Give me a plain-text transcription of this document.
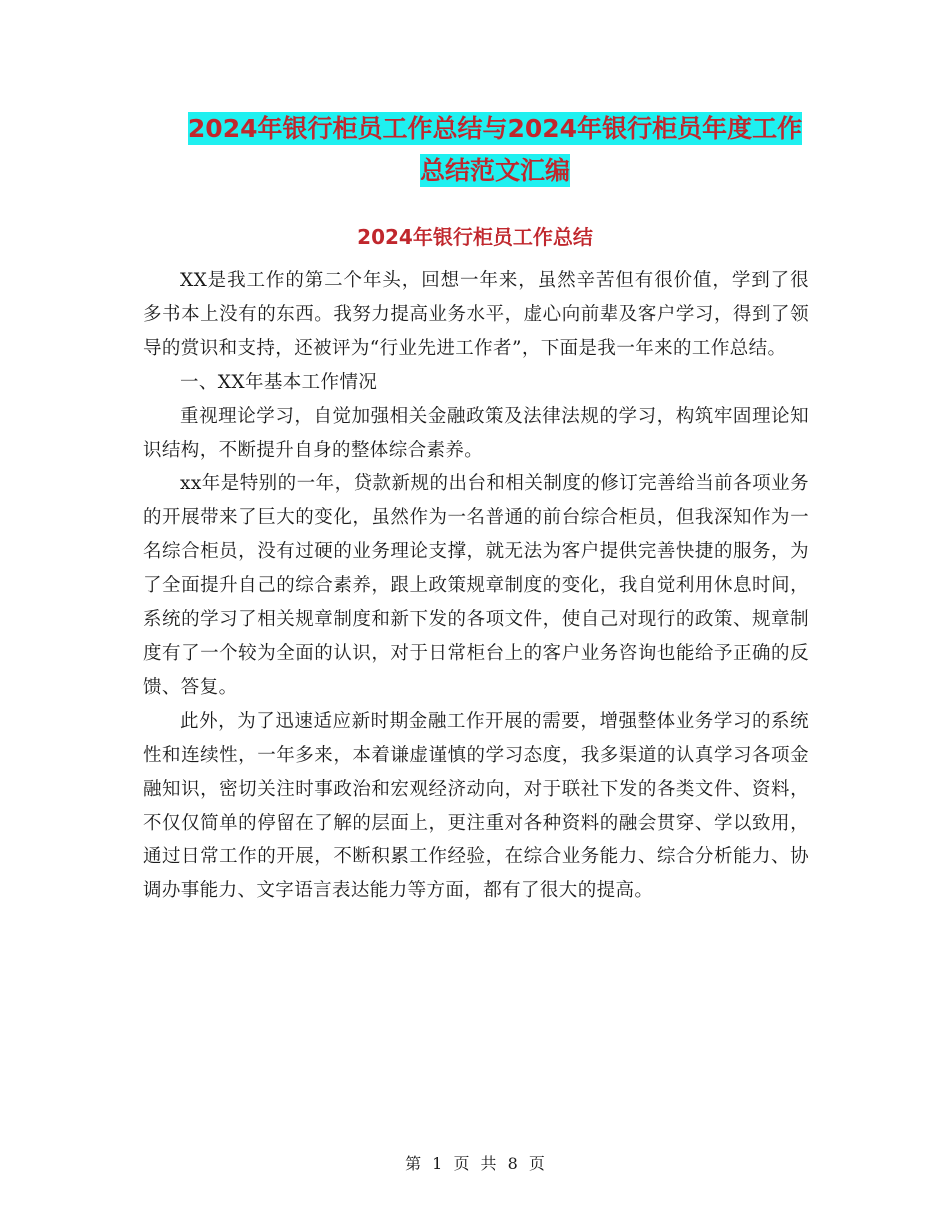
2024年银行柜员工作总结与2024年银行柜员年度工作
总结范文汇编
2024年银行柜员工作总结

XX是我工作的第二个年头，回想一年来，虽然辛苦但有很价值，学到了很多书本上没有的东西。我努力提高业务水平，虚心向前辈及客户学习，得到了领导的赏识和支持，还被评为“行业先进工作者”，下面是我一年来的工作总结。

一、XX年基本工作情况

重视理论学习，自觉加强相关金融政策及法律法规的学习，构筑牢固理论知识结构，不断提升自身的整体综合素养。

xx年是特别的一年，贷款新规的出台和相关制度的修订完善给当前各项业务的开展带来了巨大的变化，虽然作为一名普通的前台综合柜员，但我深知作为一名综合柜员，没有过硬的业务理论支撑，就无法为客户提供完善快捷的服务，为了全面提升自己的综合素养，跟上政策规章制度的变化，我自觉利用休息时间，系统的学习了相关规章制度和新下发的各项文件，使自己对现行的政策、规章制度有了一个较为全面的认识，对于日常柜台上的客户业务咨询也能给予正确的反馈、答复。

此外，为了迅速适应新时期金融工作开展的需要，增强整体业务学习的系统性和连续性，一年多来，本着谦虚谨慎的学习态度，我多渠道的认真学习各项金融知识，密切关注时事政治和宏观经济动向，对于联社下发的各类文件、资料，不仅仅简单的停留在了解的层面上，更注重对各种资料的融会贯穿、学以致用，通过日常工作的开展，不断积累工作经验，在综合业务能力、综合分析能力、协调办事能力、文字语言表达能力等方面，都有了很大的提高。

第 1 页 共 8 页
